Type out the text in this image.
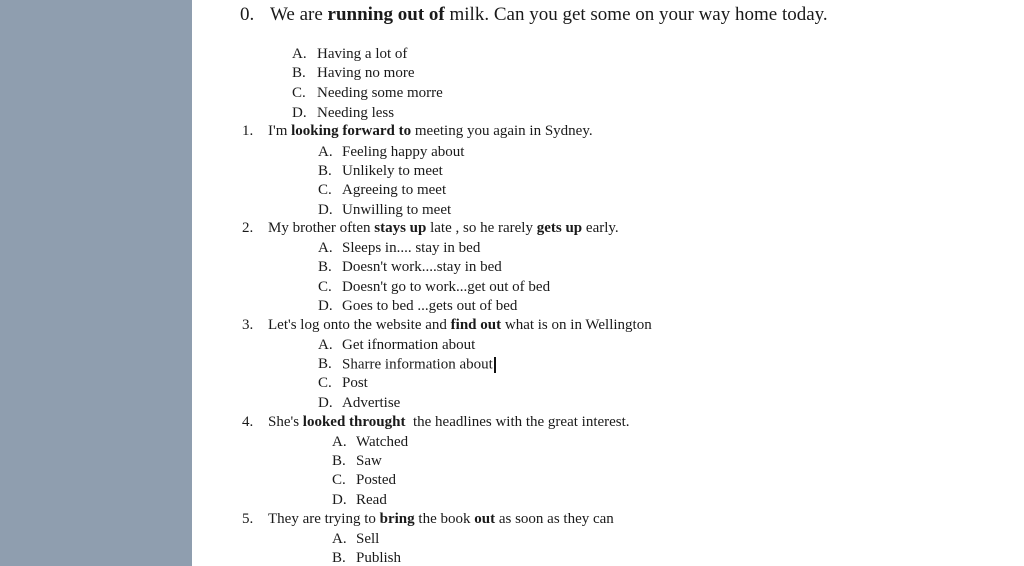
0. We are running out of milk. Can you get some on your way home today.
A. Having a lot of
B. Having no more
C. Needing some morre
D. Needing less
1. I'm looking forward to meeting you again in Sydney.
A. Feeling happy about
B. Unlikely to meet
C. Agreeing to meet
D. Unwilling to meet
2. My brother often stays up late , so he rarely gets up early.
A. Sleeps in.... stay in bed
B. Doesn't work....stay in bed
C. Doesn't go to work...get out of bed
D. Goes to bed ...gets out of bed
3. Let's log onto the website and find out what is on in Wellington
A. Get ifnormation about
B. Sharre information about
C. Post
D. Advertise
4. She's looked throught  the headlines with the great interest.
A. Watched
B. Saw
C. Posted
D. Read
5. They are trying to bring the book out as soon as they can
A. Sell
B. Publish
